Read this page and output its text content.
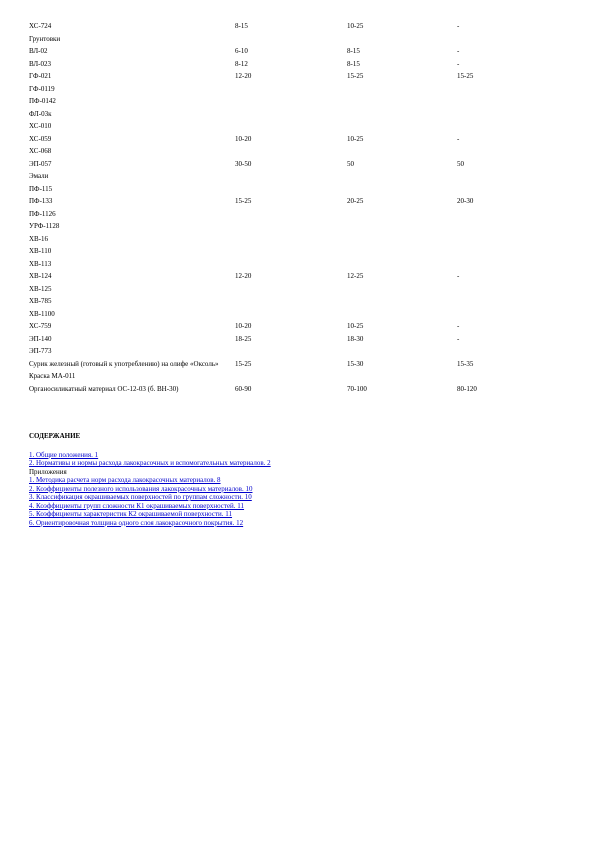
ХС-724	8-15	10-25	-
Грунтовки			
ВЛ-02	6-10	8-15	-
ВЛ-023	8-12	8-15	-
ГФ-021	12-20	15-25	15-25
ГФ-0119			
ПФ-0142			
ФЛ-03к			
ХС-010			
ХС-059	10-20	10-25	-
ХС-068			
ЭП-057	30-50	50	50
Эмали			
ПФ-115			
ПФ-133	15-25	20-25	20-30
ПФ-1126			
УРФ-1128			
ХВ-16			
ХВ-110			
ХВ-113			
ХВ-124	12-20	12-25	-
ХВ-125			
ХВ-785			
ХВ-1100			
ХС-759	10-20	10-25	-
ЭП-140	18-25	18-30	-
ЭП-773			
Сурик железный (готовый к употреблению) на олифе «Оксоль»	15-25	15-30	15-35
Краска МА-011			
Органосиликатный материал ОС-12-03 (б. ВН-30)	60-90	70-100	80-120
СОДЕРЖАНИЕ
1. Общие положения. 1
2. Нормативы и нормы расхода лакокрасочных и вспомогательных материалов. 2
Приложения
1. Методика расчета норм расхода лакокрасочных материалов. 8
2. Коэффициенты полезного использования лакокрасочных материалов. 10
3. Классификация окрашиваемых поверхностей по группам сложности. 10
4. Коэффициенты групп сложности К1 окрашиваемых поверхностей. 11
5. Коэффициенты характеристик К2 окрашиваемой поверхности. 11
6. Ориентировочная толщина одного слоя лакокрасочного покрытия. 12
